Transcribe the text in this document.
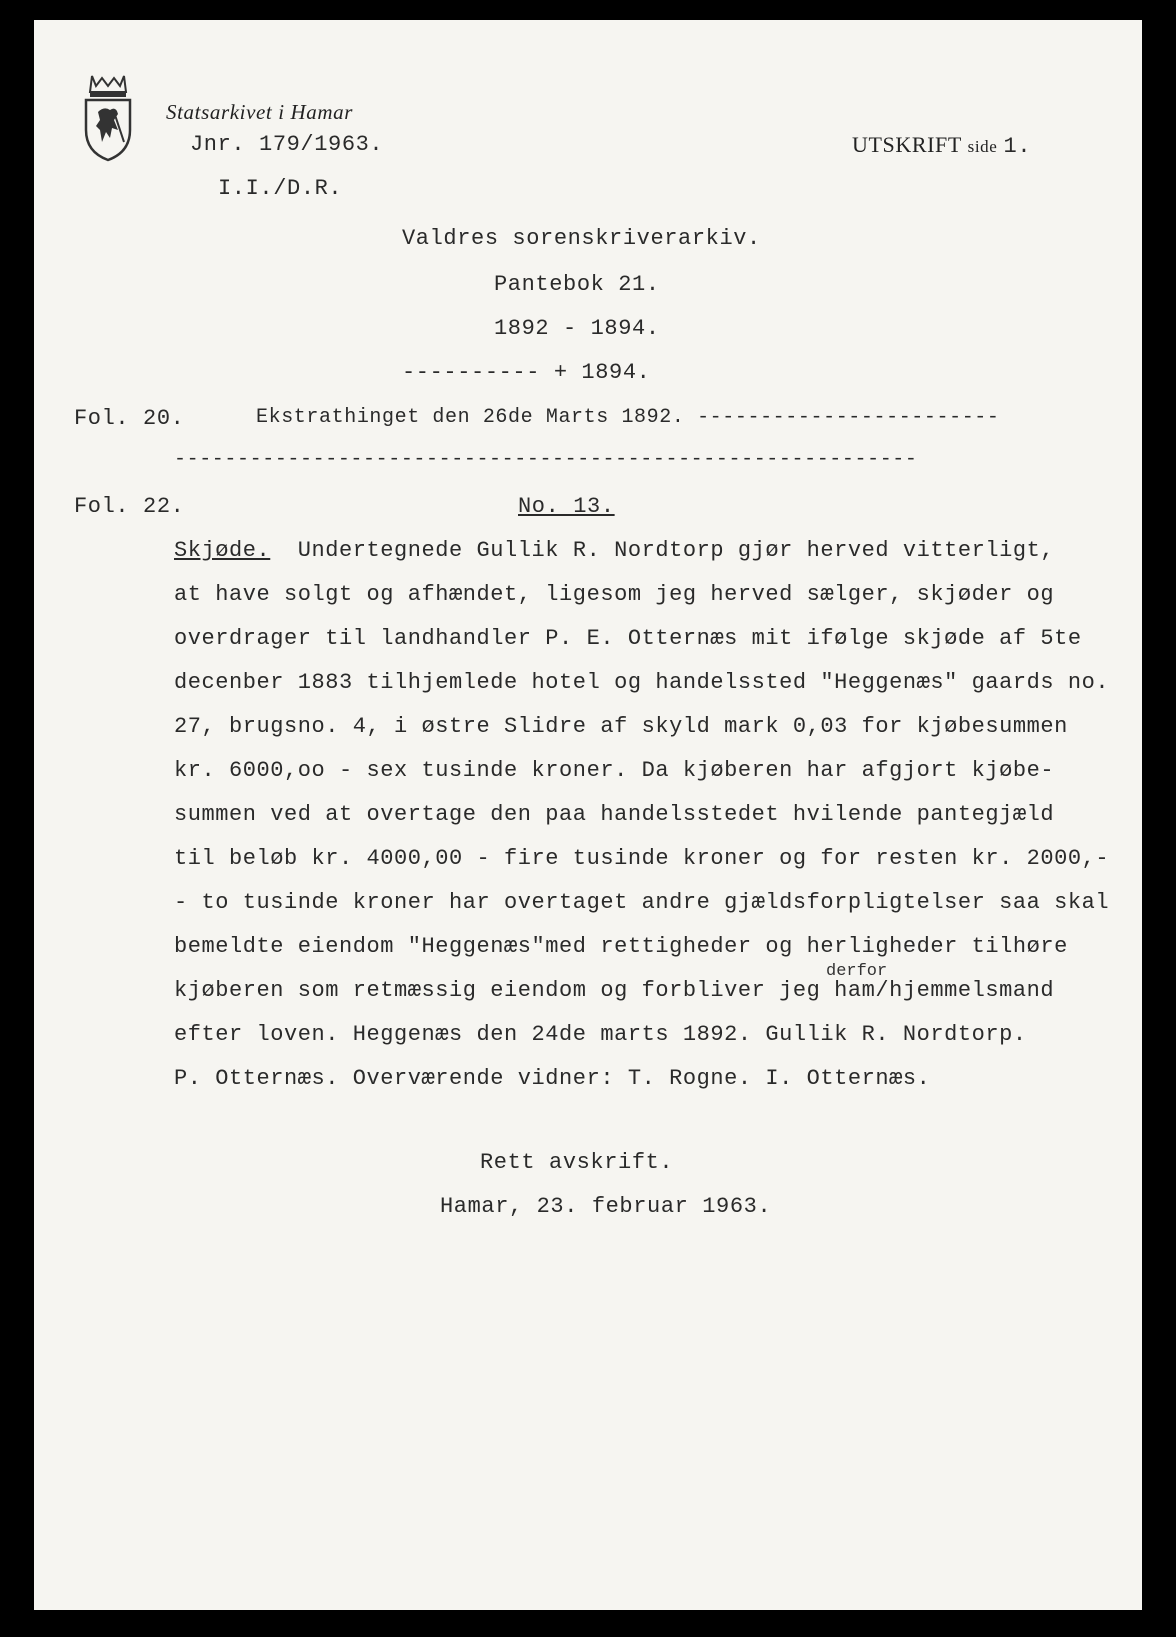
Statsarkivet i Hamar
Jnr. 179/1963.
I.I./D.R.
UTSKRIFT side 1.
Valdres sorenskriverarkiv.
Pantebok 21.
1892 - 1894.
---------- + 1894.
Fol. 20.	Ekstrathinget den 26de Marts 1892. ------------------------
-----------------------------------------------------------
Fol. 22.	No. 13.
Skjøde.  Undertegnede Gullik R. Nordtorp gjør herved vitterligt,
at have solgt og afhændet, ligesom jeg herved sælger, skjøder og
overdrager til landhandler P. E. Otternæs mit ifølge skjøde af 5te
decenber 1883 tilhjemlede hotel og handelssted "Heggenæs" gaards no.
27, brugsno. 4, i østre Slidre af skyld mark 0,03 for kjøbesummen
kr. 6000,oo - sex tusinde kroner. Da kjøberen har afgjort kjøbe-
summen ved at overtage den paa handelsstedet hvilende pantegjæld
til beløb kr. 4000,00 - fire tusinde kroner og for resten kr. 2000,-
- to tusinde kroner har overtaget andre gjældsforpligtelser saa skal
bemeldte eiendom "Heggenæs"med rettigheder og herligheder tilhøre
derfor
kjøberen som retmæssig eiendom og forbliver jeg ham/hjemmelsmand
efter loven. Heggenæs den 24de marts 1892. Gullik R. Nordtorp.
P. Otternæs. Overværende vidner: T. Rogne. I. Otternæs.
Rett avskrift.
Hamar, 23. februar 1963.
